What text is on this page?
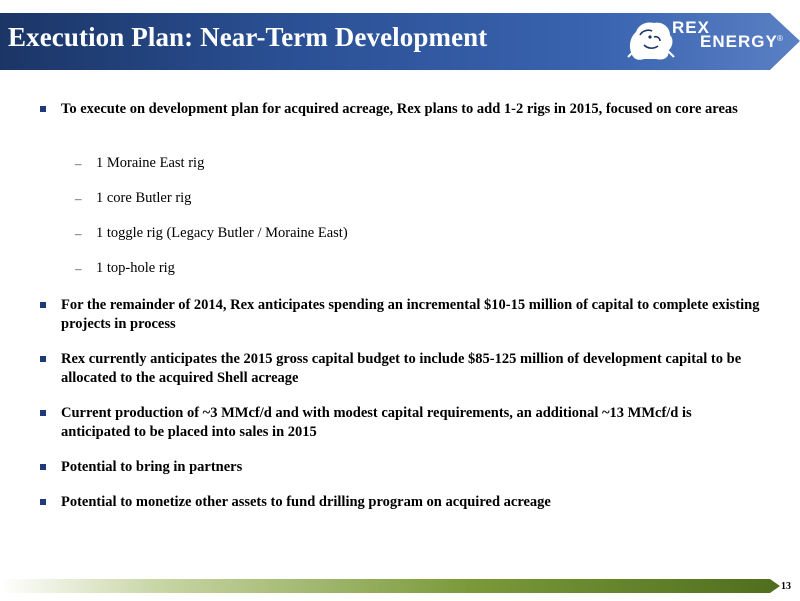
Execution Plan: Near-Term Development	REX
ENERGY ®
To execute on development plan for acquired acreage, Rex plans to add 1-2 rigs in 2015, focused on core areas
– 1 Moraine East rig
– 1 core Butler rig
– 1 toggle rig (Legacy Butler / Moraine East)
– 1 top-hole rig
For the remainder of 2014, Rex anticipates spending an incremental $10-15 million of capital to complete existing projects in process
Rex currently anticipates the 2015 gross capital budget to include $85-125 million of development capital to be allocated to the acquired Shell acreage
Current production of ~3 MMcf/d and with modest capital requirements, an additional ~13 MMcf/d is anticipated to be placed into sales in 2015
Potential to bring in partners
Potential to monetize other assets to fund drilling program on acquired acreage
13
